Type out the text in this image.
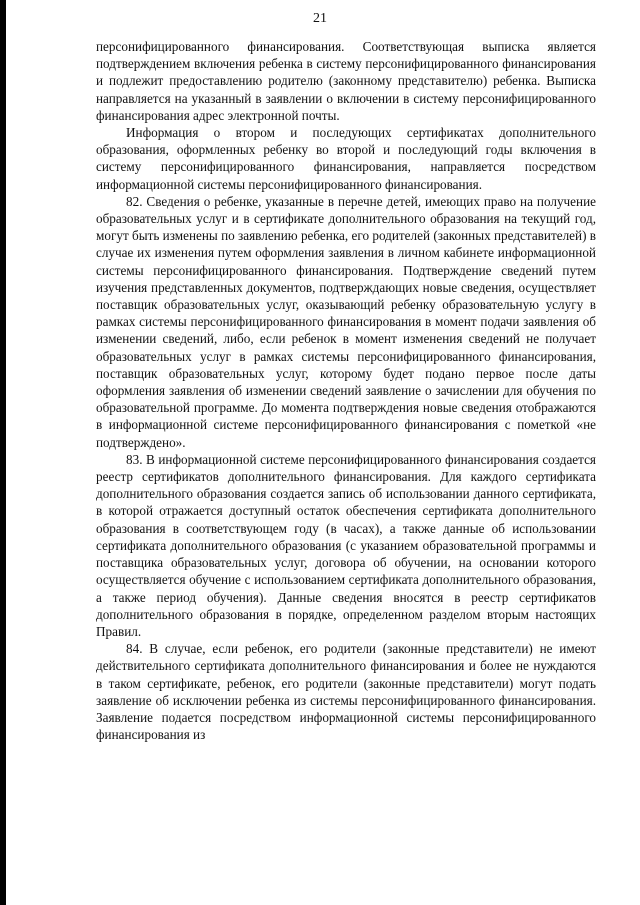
21

персонифицированного финансирования. Соответствующая выписка является подтверждением включения ребенка в систему персонифицированного финансирования и подлежит предоставлению родителю (законному представителю) ребенка. Выписка направляется на указанный в заявлении о включении в систему персонифицированного финансирования адрес электронной почты.

Информация о втором и последующих сертификатах дополнительного образования, оформленных ребенку во второй и последующий годы включения в систему персонифицированного финансирования, направляется посредством информационной системы персонифицированного финансирования.

82. Сведения о ребенке, указанные в перечне детей, имеющих право на получение образовательных услуг и в сертификате дополнительного образования на текущий год, могут быть изменены по заявлению ребенка, его родителей (законных представителей) в случае их изменения путем оформления заявления в личном кабинете информационной системы персонифицированного финансирования. Подтверждение сведений путем изучения представленных документов, подтверждающих новые сведения, осуществляет поставщик образовательных услуг, оказывающий ребенку образовательную услугу в рамках системы персонифицированного финансирования в момент подачи заявления об изменении сведений, либо, если ребенок в момент изменения сведений не получает образовательных услуг в рамках системы персонифицированного финансирования, поставщик образовательных услуг, которому будет подано первое после даты оформления заявления об изменении сведений заявление о зачислении для обучения по образовательной программе. До момента подтверждения новые сведения отображаются в информационной системе персонифицированного финансирования с пометкой «не подтверждено».

83. В информационной системе персонифицированного финансирования создается реестр сертификатов дополнительного финансирования. Для каждого сертификата дополнительного образования создается запись об использовании данного сертификата, в которой отражается доступный остаток обеспечения сертификата дополнительного образования в соответствующем году (в часах), а также данные об использовании сертификата дополнительного образования (с указанием образовательной программы и поставщика образовательных услуг, договора об обучении, на основании которого осуществляется обучение с использованием сертификата дополнительного образования, а также период обучения). Данные сведения вносятся в реестр сертификатов дополнительного образования в порядке, определенном разделом вторым настоящих Правил.

84. В случае, если ребенок, его родители (законные представители) не имеют действительного сертификата дополнительного финансирования и более не нуждаются в таком сертификате, ребенок, его родители (законные представители) могут подать заявление об исключении ребенка из системы персонифицированного финансирования. Заявление подается посредством информационной системы персонифицированного финансирования из
